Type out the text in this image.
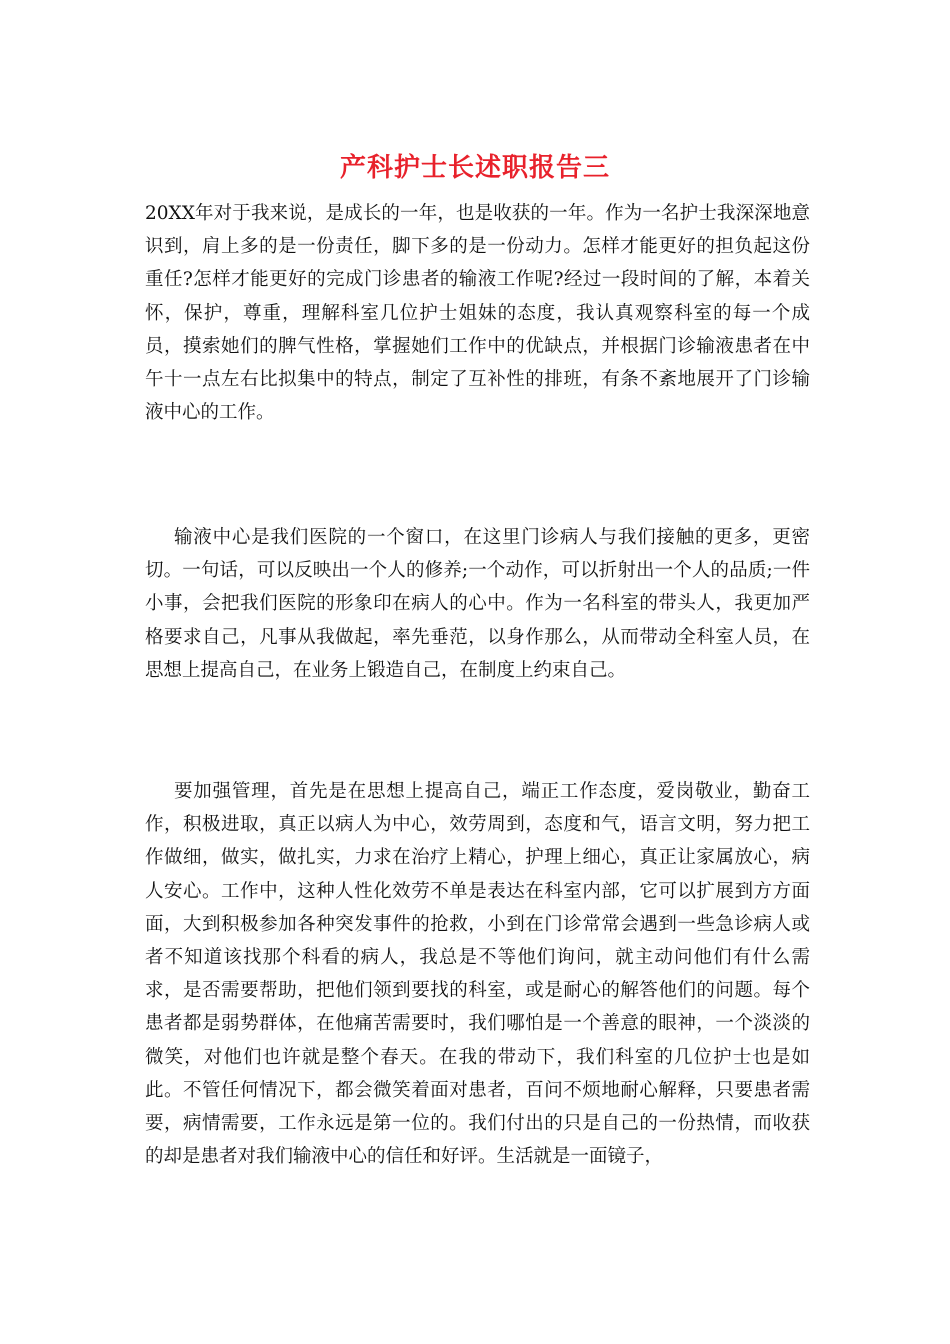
产科护士长述职报告三

20XX年对于我来说，是成长的一年，也是收获的一年。作为一名护士我深深地意识到，肩上多的是一份责任，脚下多的是一份动力。怎样才能更好的担负起这份重任?怎样才能更好的完成门诊患者的输液工作呢?经过一段时间的了解，本着关怀，保护，尊重，理解科室几位护士姐妹的态度，我认真观察科室的每一个成员，摸索她们的脾气性格，掌握她们工作中的优缺点，并根据门诊输液患者在中午十一点左右比拟集中的特点，制定了互补性的排班，有条不紊地展开了门诊输液中心的工作。

输液中心是我们医院的一个窗口，在这里门诊病人与我们接触的更多，更密切。一句话，可以反映出一个人的修养;一个动作，可以折射出一个人的品质;一件小事，会把我们医院的形象印在病人的心中。作为一名科室的带头人，我更加严格要求自己，凡事从我做起，率先垂范，以身作那么，从而带动全科室人员，在思想上提高自己，在业务上锻造自己，在制度上约束自己。

要加强管理，首先是在思想上提高自己，端正工作态度，爱岗敬业，勤奋工作，积极进取，真正以病人为中心，效劳周到，态度和气，语言文明，努力把工作做细，做实，做扎实，力求在治疗上精心，护理上细心，真正让家属放心，病人安心。工作中，这种人性化效劳不单是表达在科室内部，它可以扩展到方方面面，大到积极参加各种突发事件的抢救，小到在门诊常常会遇到一些急诊病人或者不知道该找那个科看的病人，我总是不等他们询问，就主动问他们有什么需求，是否需要帮助，把他们领到要找的科室，或是耐心的解答他们的问题。每个患者都是弱势群体，在他痛苦需要时，我们哪怕是一个善意的眼神，一个淡淡的微笑，对他们也许就是整个春天。在我的带动下，我们科室的几位护士也是如此。不管任何情况下，都会微笑着面对患者，百问不烦地耐心解释，只要患者需要，病情需要，工作永远是第一位的。我们付出的只是自己的一份热情，而收获的却是患者对我们输液中心的信任和好评。生活就是一面镜子，
